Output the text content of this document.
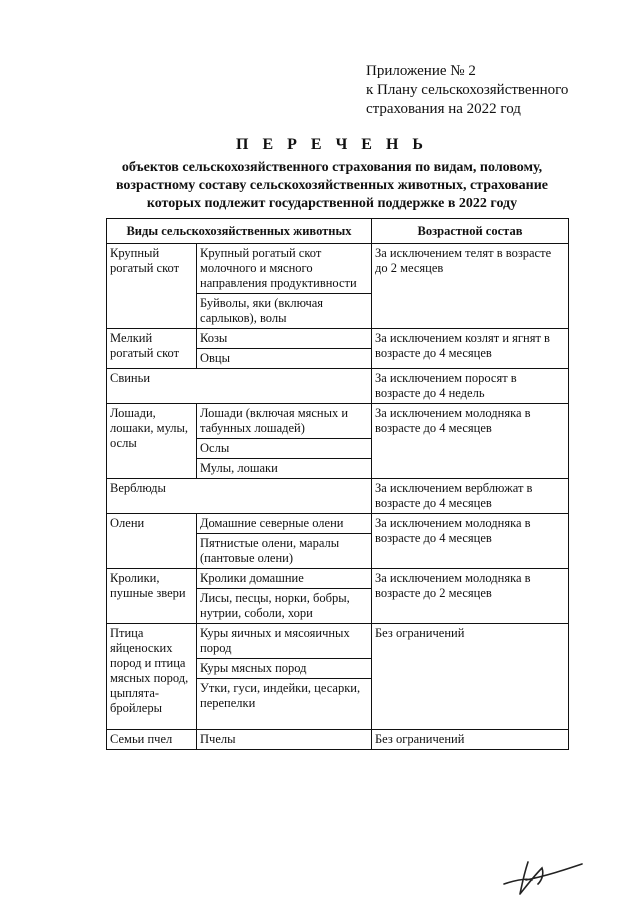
Приложение № 2
к Плану сельскохозяйственного
страхования на 2022 год
П Е Р Е Ч Е Н Ь
объектов сельскохозяйственного страхования по видам, половому,
возрастному составу сельскохозяйственных животных, страхование
которых подлежит государственной поддержке в 2022 году
Виды сельскохозяйственных животных		Возрастной состав
Крупный рогатый скот	Крупный рогатый скот молочного и мясного направления продуктивности	За исключением телят в возрасте до 2 месяцев
	Буйволы, яки (включая сарлыков), волы	
Мелкий рогатый скот	Козы	За исключением козлят и ягнят в возрасте до 4 месяцев
	Овцы	
Свиньи		За исключением поросят в возрасте до 4 недель
Лошади, лошаки, мулы, ослы	Лошади (включая мясных и табунных лошадей)	За исключением молодняка в возрасте до 4 месяцев
	Ослы	
	Мулы, лошаки	
Верблюды		За исключением верблюжат в возрасте до 4 месяцев
Олени	Домашние северные олени	За исключением молодняка в возрасте до 4 месяцев
	Пятнистые олени, маралы (пантовые олени)	
Кролики, пушные звери	Кролики домашние	За исключением молодняка в возрасте до 2 месяцев
	Лисы, песцы, норки, бобры, нутрии, соболи, хори	
Птица яйценоских пород и птица мясных пород, цыплята-бройлеры	Куры яичных и мясояичных пород	Без ограничений
	Куры мясных пород	
	Утки, гуси, индейки, цесарки, перепелки	
Семьи пчел	Пчелы	Без ограничений
